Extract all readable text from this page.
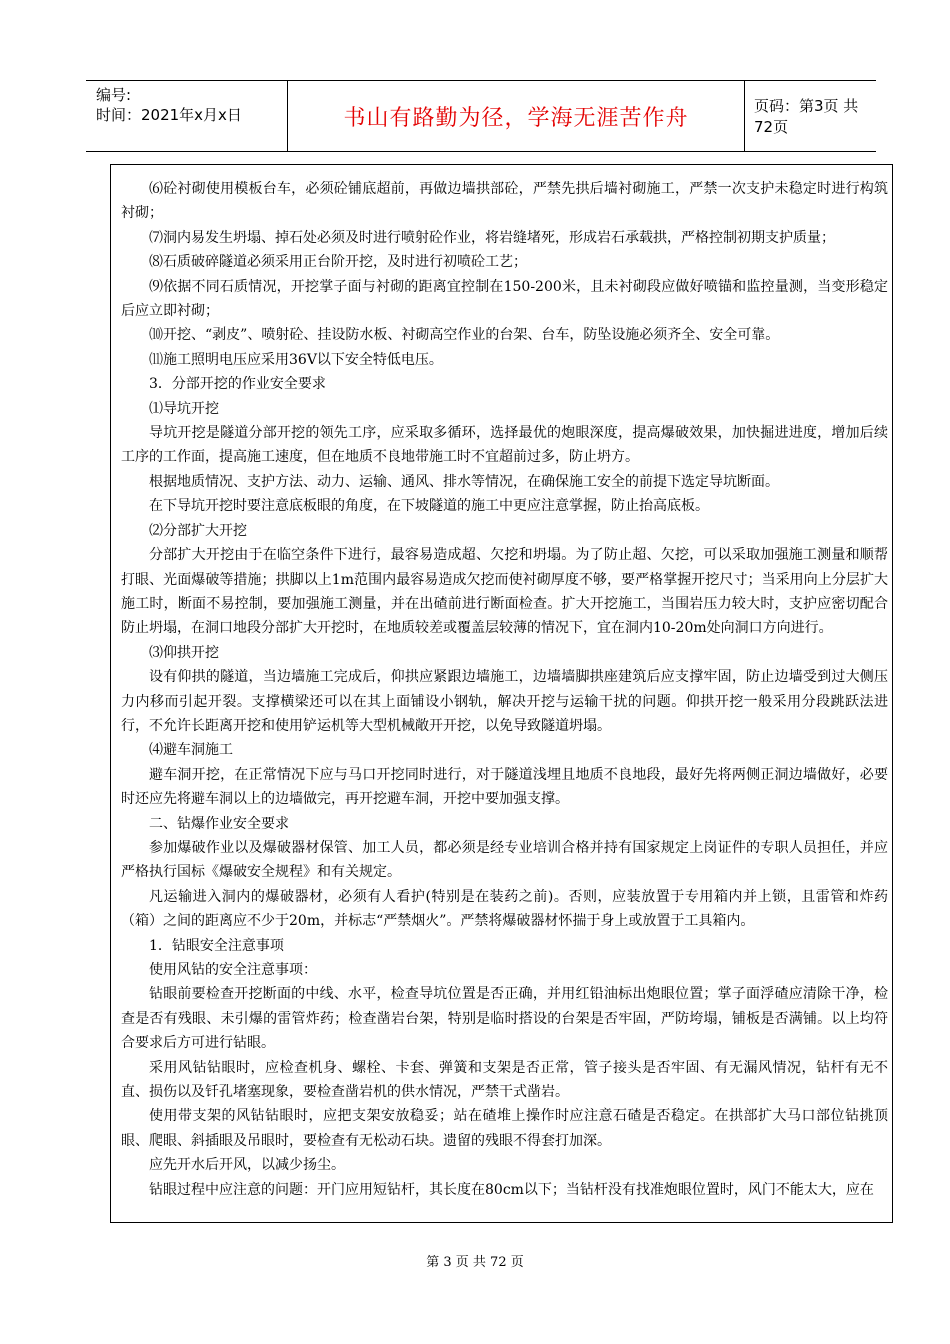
编号:
时间：2021年x月x日	书山有路勤为径，学海无涯苦作舟	页码：第3页 共72页

⑹砼衬砌使用模板台车，必须砼铺底超前，再做边墙拱部砼，严禁先拱后墙衬砌施工，严禁一次支护未稳定时进行构筑衬砌；

⑺洞内易发生坍塌、掉石处必须及时进行喷射砼作业，将岩缝堵死，形成岩石承载拱，严格控制初期支护质量；

⑻石质破碎隧道必须采用正台阶开挖，及时进行初喷砼工艺；

⑼依据不同石质情况，开挖掌子面与衬砌的距离宜控制在150-200米，且未衬砌段应做好喷锚和监控量测，当变形稳定后应立即衬砌；

⑽开挖、“剥皮”、喷射砼、挂设防水板、衬砌高空作业的台架、台车，防坠设施必须齐全、安全可靠。

⑾施工照明电压应采用36V以下安全特低电压。

3．分部开挖的作业安全要求

⑴导坑开挖

导坑开挖是隧道分部开挖的领先工序，应采取多循环，选择最优的炮眼深度，提高爆破效果，加快掘进进度，增加后续工序的工作面，提高施工速度，但在地质不良地带施工时不宜超前过多，防止坍方。

根据地质情况、支护方法、动力、运输、通风、排水等情况，在确保施工安全的前提下选定导坑断面。

在下导坑开挖时要注意底板眼的角度，在下坡隧道的施工中更应注意掌握，防止抬高底板。

⑵分部扩大开挖

分部扩大开挖由于在临空条件下进行，最容易造成超、欠挖和坍塌。为了防止超、欠挖，可以采取加强施工测量和顺帮打眼、光面爆破等措施；拱脚以上1m范围内最容易造成欠挖而使衬砌厚度不够，要严格掌握开挖尺寸；当采用向上分层扩大施工时，断面不易控制，要加强施工测量，并在出碴前进行断面检查。扩大开挖施工，当围岩压力较大时，支护应密切配合防止坍塌，在洞口地段分部扩大开挖时，在地质较差或覆盖层较薄的情况下，宜在洞内10-20m处向洞口方向进行。

⑶仰拱开挖

设有仰拱的隧道，当边墙施工完成后，仰拱应紧跟边墙施工，边墙墙脚拱座建筑后应支撑牢固，防止边墙受到过大侧压力内移而引起开裂。支撑横梁还可以在其上面铺设小钢轨，解决开挖与运输干扰的问题。仰拱开挖一般采用分段跳跃法进行，不允许长距离开挖和使用铲运机等大型机械敞开开挖，以免导致隧道坍塌。

⑷避车洞施工

避车洞开挖，在正常情况下应与马口开挖同时进行，对于隧道浅埋且地质不良地段，最好先将两侧正洞边墙做好，必要时还应先将避车洞以上的边墙做完，再开挖避车洞，开挖中要加强支撑。

二、钻爆作业安全要求

参加爆破作业以及爆破器材保管、加工人员，都必须是经专业培训合格并持有国家规定上岗证件的专职人员担任，并应严格执行国标《爆破安全规程》和有关规定。

凡运输进入洞内的爆破器材，必须有人看护(特别是在装药之前)。否则，应装放置于专用箱内并上锁，且雷管和炸药（箱）之间的距离应不少于20m，并标志“严禁烟火”。严禁将爆破器材怀揣于身上或放置于工具箱内。

1．钻眼安全注意事项

使用风钻的安全注意事项：

钻眼前要检查开挖断面的中线、水平，检查导坑位置是否正确，并用红铅油标出炮眼位置；掌子面浮碴应清除干净，检查是否有残眼、未引爆的雷管炸药；检查凿岩台架，特别是临时搭设的台架是否牢固，严防垮塌，铺板是否满铺。以上均符合要求后方可进行钻眼。

采用风钻钻眼时，应检查机身、螺栓、卡套、弹簧和支架是否正常，管子接头是否牢固、有无漏风情况，钻杆有无不直、损伤以及钎孔堵塞现象，要检查凿岩机的供水情况，严禁干式凿岩。

使用带支架的风钻钻眼时，应把支架安放稳妥；站在碴堆上操作时应注意石碴是否稳定。在拱部扩大马口部位钻挑顶眼、爬眼、斜插眼及吊眼时，要检查有无松动石块。遗留的残眼不得套打加深。

应先开水后开风，以减少扬尘。

钻眼过程中应注意的问题：开门应用短钻杆，其长度在80cm以下；当钻杆没有找准炮眼位置时，风门不能太大，应在

第 3 页 共 72 页
